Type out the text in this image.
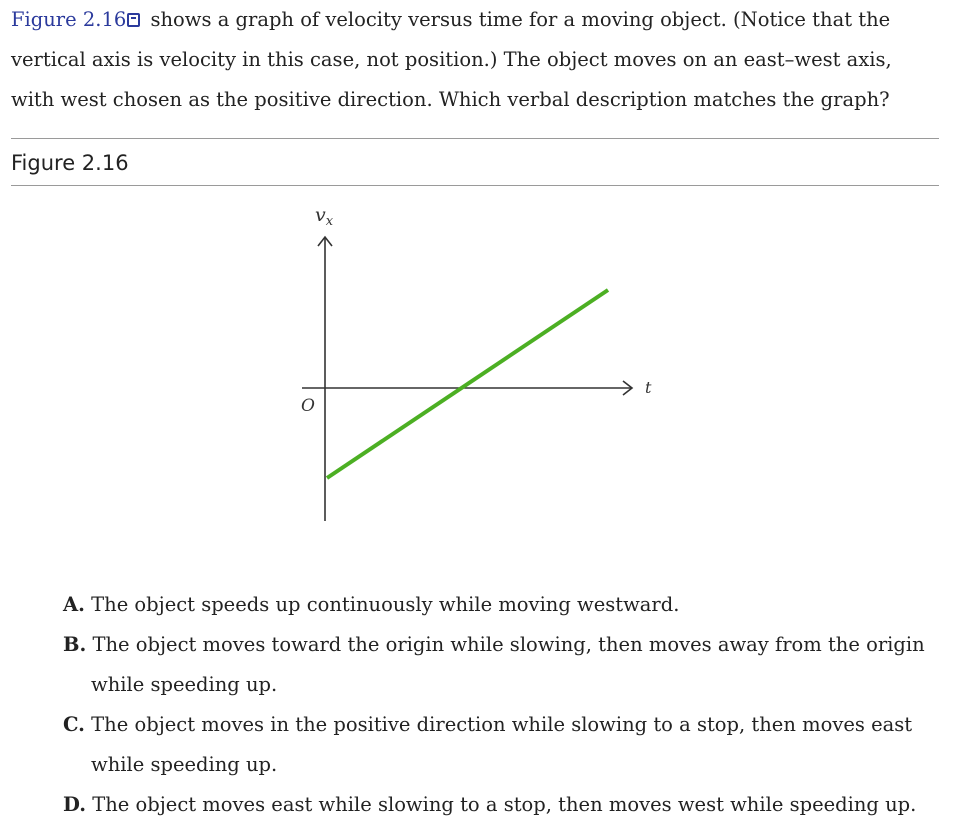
Figure 2.16 shows a graph of velocity versus time for a moving object. (Notice that the
vertical axis is velocity in this case, not position.) The object moves on an east–west axis,
with west chosen as the positive direction. Which verbal description matches the graph?
Figure 2.16
$v_x$
t
O
A. The object speeds up continuously while moving westward.
B. The object moves toward the origin while slowing, then moves away from the origin
while speeding up.
C. The object moves in the positive direction while slowing to a stop, then moves east
while speeding up.
D. The object moves east while slowing to a stop, then moves west while speeding up.
